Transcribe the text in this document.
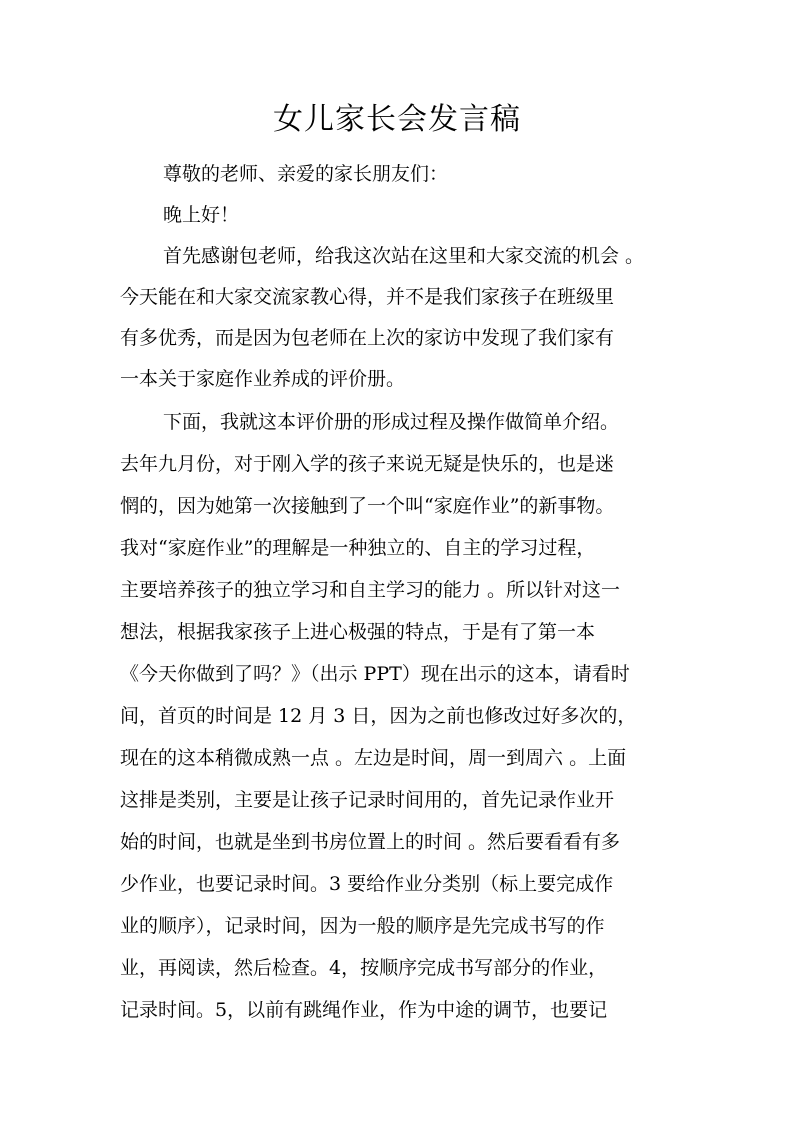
女儿家长会发言稿
尊敬的老师、亲爱的家长朋友们：
晚上好！
首先感谢包老师，给我这次站在这里和大家交流的机会 。
今天能在和大家交流家教心得，并不是我们家孩子在班级里
有多优秀，而是因为包老师在上次的家访中发现了我们家有
一本关于家庭作业养成的评价册。
下面，我就这本评价册的形成过程及操作做简单介绍。
去年九月份，对于刚入学的孩子来说无疑是快乐的，也是迷
惘的，因为她第一次接触到了一个叫“家庭作业”的新事物。
我对“家庭作业”的理解是一种独立的、自主的学习过程，
主要培养孩子的独立学习和自主学习的能力 。所以针对这一
想法，根据我家孩子上进心极强的特点，于是有了第一本
《今天你做到了吗？》（出示 PPT）现在出示的这本，请看时
间，首页的时间是 12 月 3 日，因为之前也修改过好多次的，
现在的这本稍微成熟一点 。左边是时间，周一到周六 。上面
这排是类别，主要是让孩子记录时间用的，首先记录作业开
始的时间，也就是坐到书房位置上的时间 。然后要看看有多
少作业，也要记录时间。3 要给作业分类别（标上要完成作
业的顺序），记录时间，因为一般的顺序是先完成书写的作
业，再阅读，然后检查。4，按顺序完成书写部分的作业，
记录时间。5，以前有跳绳作业，作为中途的调节，也要记
